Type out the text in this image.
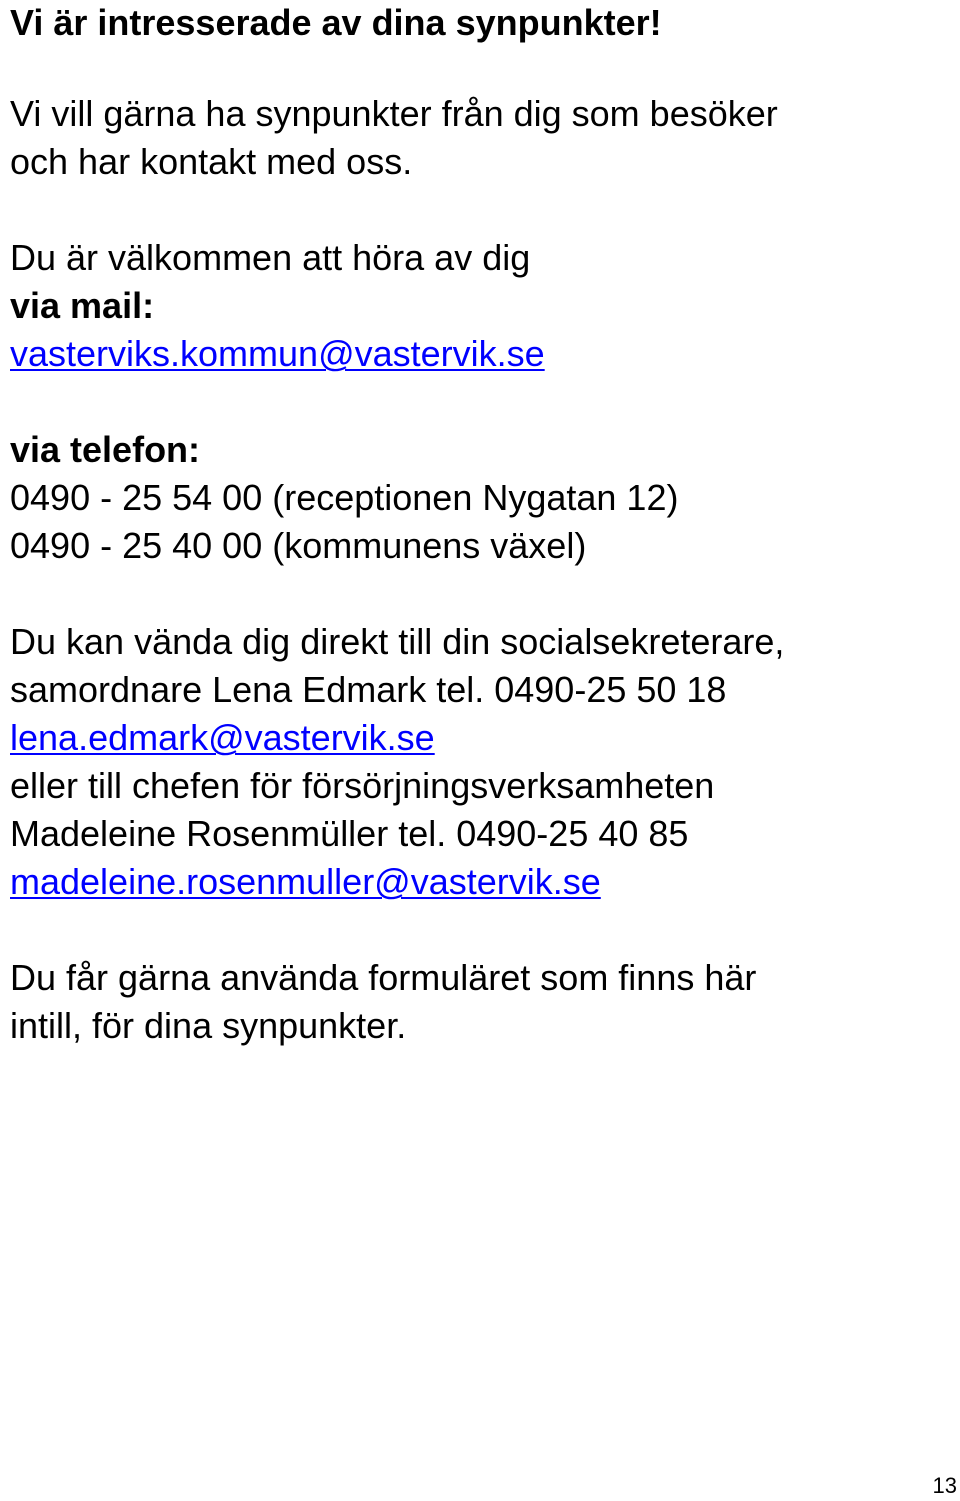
Vi är intresserade av dina synpunkter!

Vi vill gärna ha synpunkter från dig som besöker

och har kontakt med oss.

Du är välkommen att höra av dig

via mail:

vasterviks.kommun@vastervik.se

via telefon:

0490 - 25 54 00 (receptionen Nygatan 12)

0490 - 25 40 00 (kommunens växel)

Du kan vända dig direkt till din socialsekreterare,

samordnare Lena Edmark tel. 0490-25 50 18

lena.edmark@vastervik.se

eller till chefen för försörjningsverksamheten

Madeleine Rosenmüller tel. 0490-25 40 85

madeleine.rosenmuller@vastervik.se

Du får gärna använda formuläret som finns här

intill, för dina synpunkter.

13
